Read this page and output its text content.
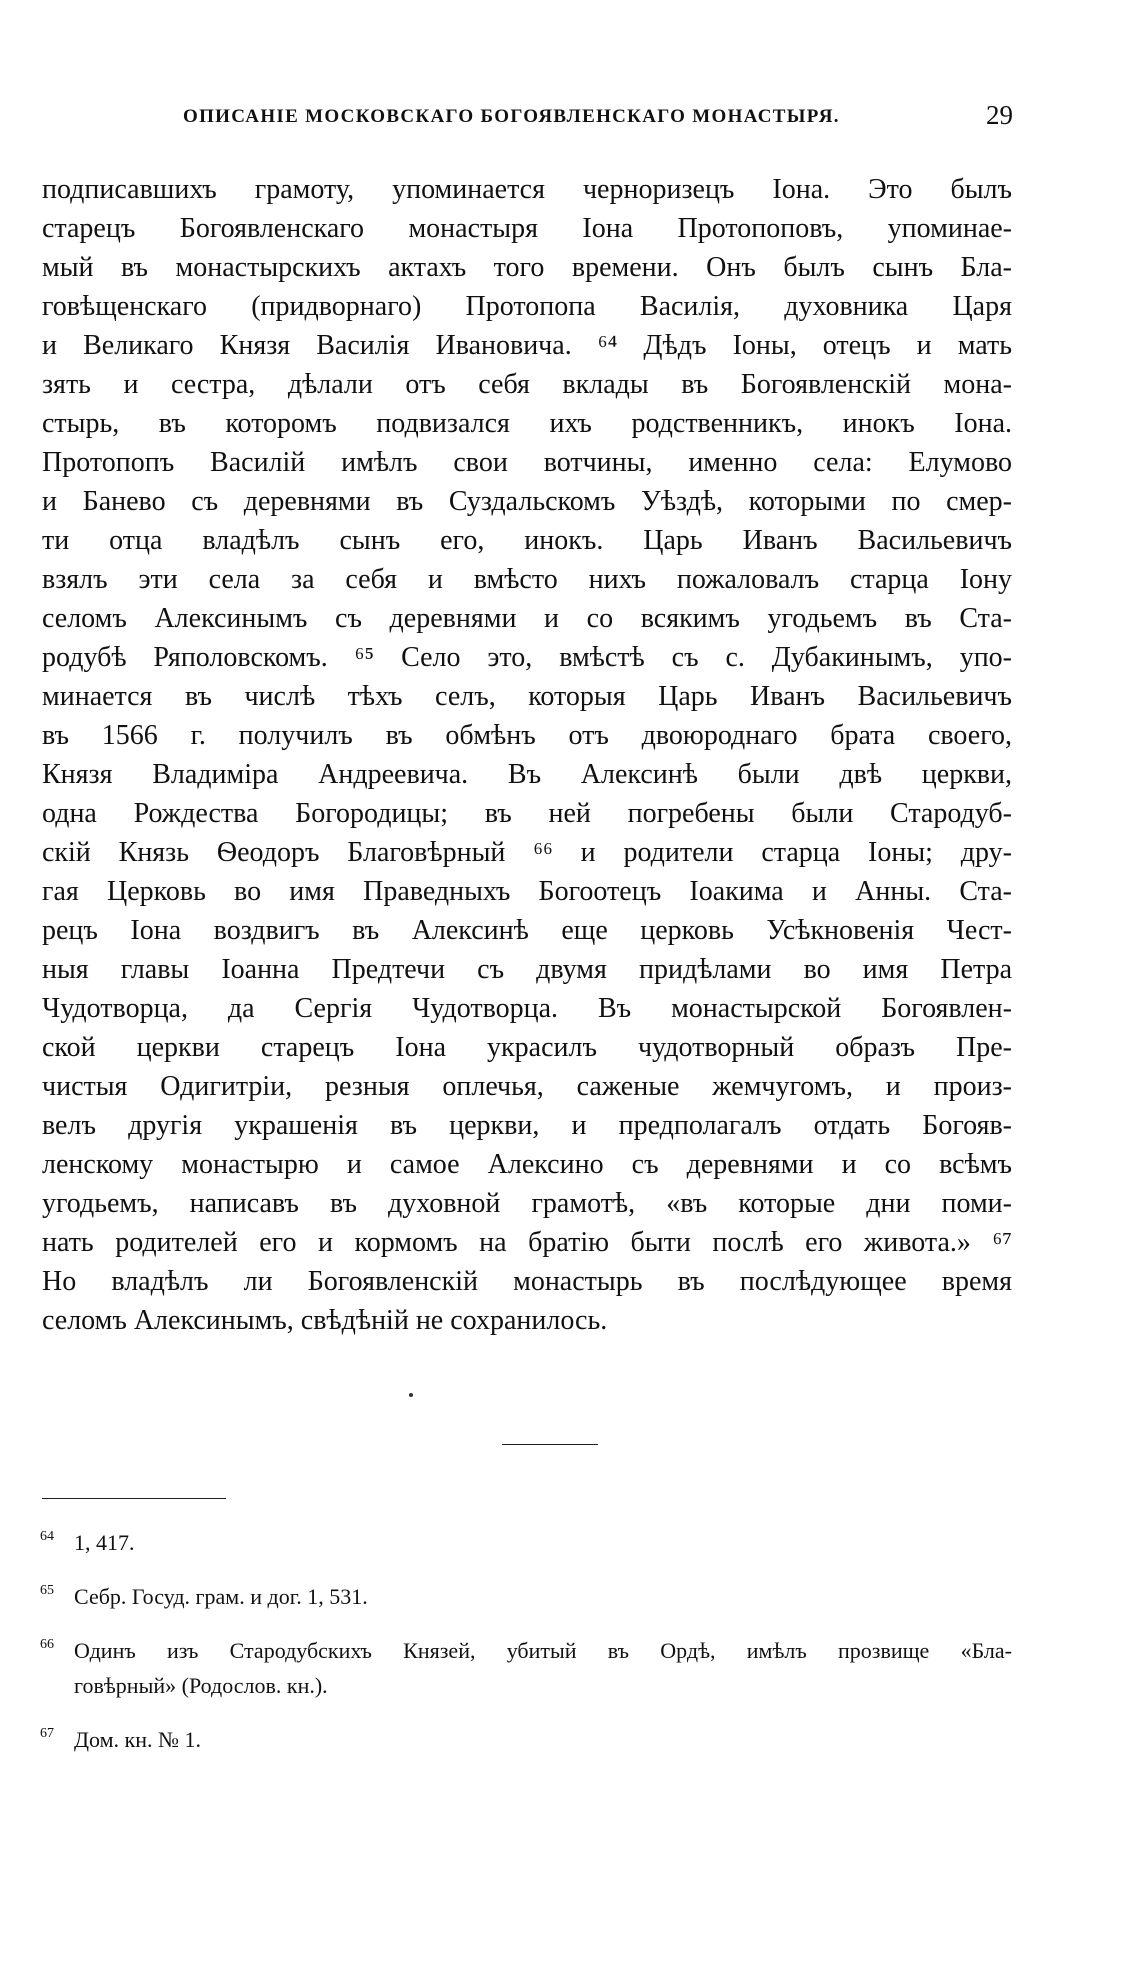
ОПИСАНІЕ МОСКОВСКАГО БОГОЯВЛЕНСКАГО МОНАСТЫРЯ.	29
подписавшихъ грамоту, упоминается черноризецъ Іона. Это былъ
старецъ Богоявленскаго монастыря Іона Протопоповъ, упоминае-
мый въ монастырскихъ актахъ того времени. Онъ былъ сынъ Бла-
говѣщенскаго (придворнаго) Протопопа Василія, духовника Царя
и Великаго Князя Василія Ивановича. ⁶⁴ Дѣдъ Іоны, отецъ и мать
зять и сестра, дѣлали отъ себя вклады въ Богоявленскій мона-
стырь, въ которомъ подвизался ихъ родственникъ, инокъ Іона.
Протопопъ Василій имѣлъ свои вотчины, именно села: Елумово
и Банево съ деревнями въ Суздальскомъ Уѣздѣ, которыми по смер-
ти отца владѣлъ сынъ его, инокъ. Царь Иванъ Васильевичъ
взялъ эти села за себя и вмѣсто нихъ пожаловалъ старца Іону
селомъ Алексинымъ съ деревнями и со всякимъ угодьемъ въ Ста-
родубѣ Ряполовскомъ. ⁶⁵ Село это, вмѣстѣ съ с. Дубакинымъ, упо-
минается въ числѣ тѣхъ селъ, которыя Царь Иванъ Васильевичъ
въ 1566 г. получилъ въ обмѣнъ отъ двоюроднаго брата своего,
Князя Владиміра Андреевича. Въ Алексинѣ были двѣ церкви,
одна Рождества Богородицы; въ ней погребены были Стародуб-
скій Князь Ѳеодоръ Благовѣрный ⁶⁶ и родители старца Іоны; дру-
гая Церковь во имя Праведныхъ Богоотецъ Іоакима и Анны. Ста-
рецъ Іона воздвигъ въ Алексинѣ еще церковь Усѣкновенія Чест-
ныя главы Іоанна Предтечи съ двумя придѣлами во имя Петра
Чудотворца, да Сергія Чудотворца. Въ монастырской Богоявлен-
ской церкви старецъ Іона украсилъ чудотворный образъ Пре-
чистыя Одигитріи, резныя оплечья, саженые жемчугомъ, и произ-
велъ другія украшенія въ церкви, и предполагалъ отдать Богояв-
ленскому монастырю и самое Алексино съ деревнями и со всѣмъ
угодьемъ, написавъ въ духовной грамотѣ, «въ которые дни поми-
нать родителей его и кормомъ на братію быти послѣ его живота.» ⁶⁷
Но владѣлъ ли Богоявленскій монастырь въ послѣдующее время
селомъ Алексинымъ, свѣдѣній не сохранилось.
64 1, 417.
65 Себр. Госуд. грам. и дог. 1, 531.
66 Одинъ изъ Стародубскихъ Князей, убитый въ Ордѣ, имѣлъ прозвище «Бла-
говѣрный» (Родослов. кн.).
67 Дом. кн. № 1.
